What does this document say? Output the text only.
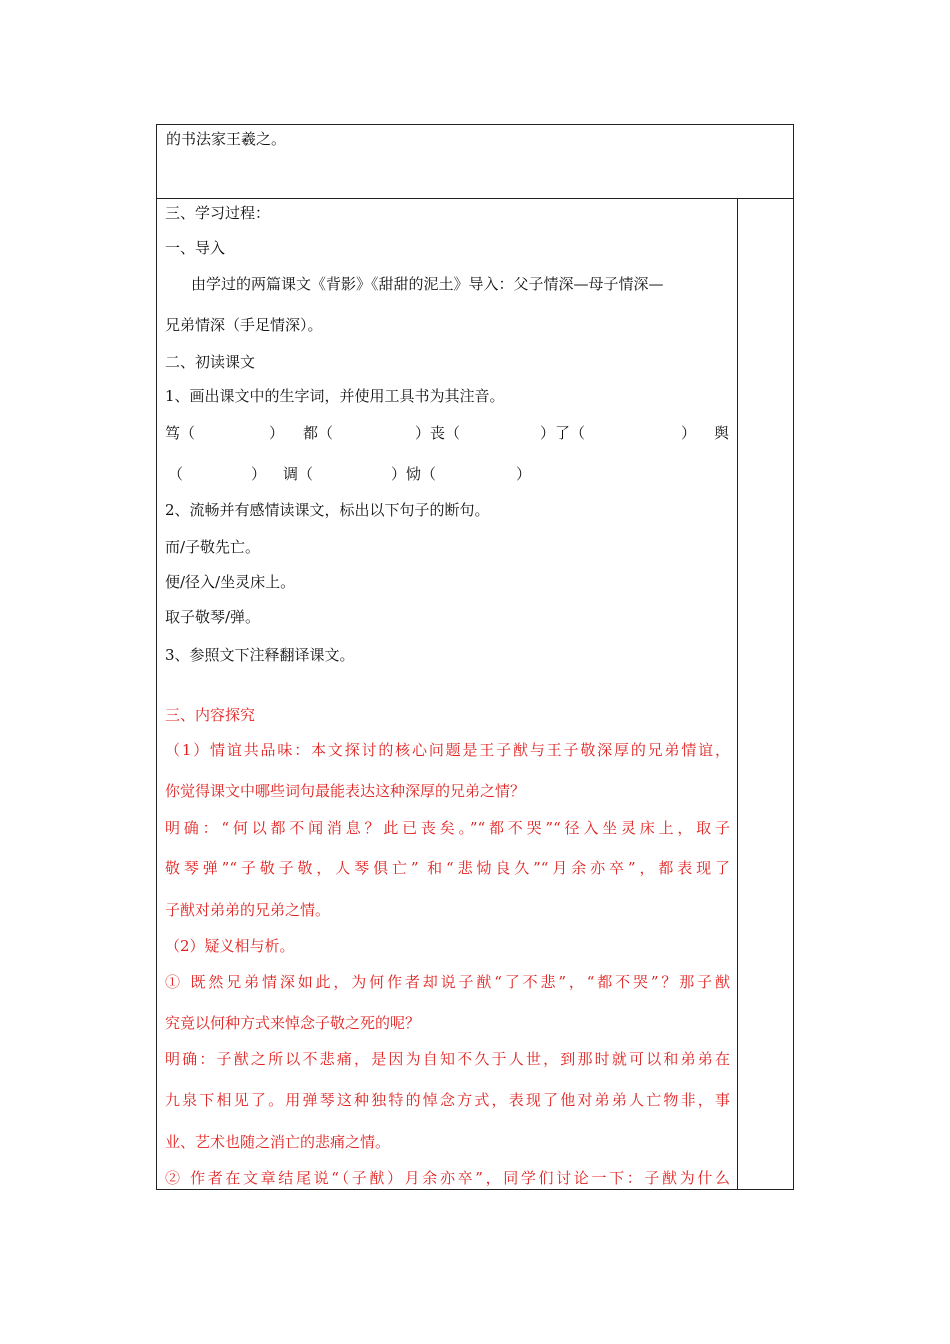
的书法家王羲之。
三、学习过程：
一、导入
由学过的两篇课文《背影》《甜甜的泥土》导入：父子情深—母子情深—
兄弟情深（手足情深）。
二、初读课文
1、画出课文中的生字词，并使用工具书为其注音。
笃（	） 都（	）丧（	）了（	） 舆
（	） 调（	）恸（	）
2、流畅并有感情读课文，标出以下句子的断句。
而/子敬先亡。
便/径入/坐灵床上。
取子敬琴/弹。
3、参照文下注释翻译课文。
三、内容探究
（1）情谊共品味：本文探讨的核心问题是王子猷与王子敬深厚的兄弟情谊，
你觉得课文中哪些词句最能表达这种深厚的兄弟之情？
明确：“何以都不闻消息？此已丧矣。”“都不哭”“径入坐灵床上，取子
敬琴弹”“子敬子敬，人琴俱亡” 和“悲恸良久”“月余亦卒”，都表现了
子猷对弟弟的兄弟之情。
（2）疑义相与析。
① 既然兄弟情深如此，为何作者却说子猷“了不悲”，“都不哭”？那子猷
究竟以何种方式来悼念子敬之死的呢？
明确：子猷之所以不悲痛，是因为自知不久于人世，到那时就可以和弟弟在
九泉下相见了。用弹琴这种独特的悼念方式，表现了他对弟弟人亡物非，事
业、艺术也随之消亡的悲痛之情。
② 作者在文章结尾说“（子猷）月余亦卒”，同学们讨论一下：子猷为什么
